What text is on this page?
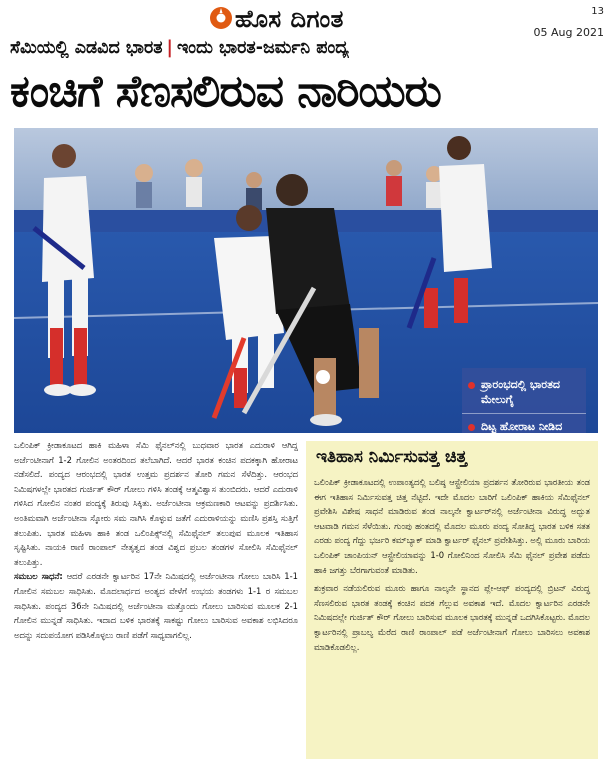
ಹೊಸ ದಿಗಂತ	13
05 Aug 2021
ಸೆಮಿಯಲ್ಲಿ ಎಡವಿದ ಭಾರತ | ಇಂದು ಭಾರತ-ಜರ್ಮನಿ ಪಂದ್ಯ
ಕಂಚಿಗೆ ಸೆಣಸಲಿರುವ ನಾರಿಯರು
ಪ್ರಾರಂಭದಲ್ಲಿ ಭಾರತದ ಮೇಲುಗೈ
ದಿಟ್ಟ ಹೋರಾಟ ನೀಡಿದ

ಒಲಿಂಪಿಕ್ ಕ್ರೀಡಾಕೂಟದ ಹಾಕಿ ಮಹಿಳಾ ಸೆಮಿ ಫೈನಲ್‌ನಲ್ಲಿ ಬುಧವಾರ ಭಾರತ ಎದುರಾಳಿ ಆಗಿದ್ದ ಅರ್ಜೆಂಟೀನಾಗೆ 1-2 ಗೋಲಿನ ಅಂತರದಿಂದ ತಲೆಬಾಗಿದೆ. ಆದರೆ ಭಾರತ ಕಂಚಿನ ಪದಕಕ್ಕಾಗಿ ಹೋರಾಟ ನಡೆಸಲಿದೆ. ಪಂದ್ಯದ ಆರಂಭದಲ್ಲಿ ಭಾರತ ಉತ್ತಮ ಪ್ರದರ್ಶನ ತೋರಿ ಗಮನ ಸೆಳೆದಿತ್ತು. ಆರಂಭದ ನಿಮಿಷಗಳಲ್ಲೇ ಭಾರತದ ಗುರ್ಜಿತ್ ಕೌರ್ ಗೋಲು ಗಳಿಸಿ ತಂಡಕ್ಕೆ ಆತ್ಮವಿಶ್ವಾಸ ತುಂಬಿದರು. ಆದರೆ ಎದುರಾಳಿ ಗಳಿಸಿದ ಗೋಲಿನ ನಂತರ ಪಂದ್ಯಕ್ಕೆ ತಿರುವು ಸಿಕ್ಕಿತು. ಅರ್ಜೆಂಟೀನಾ ಆಕ್ರಮಣಕಾರಿ ಆಟವನ್ನು ಪ್ರದರ್ಶಿಸಿತು. ಅಂತಿಮವಾಗಿ ಅರ್ಜೆಂಟೀನಾ ಸ್ಕೋರು ಸಮ ನಾಗಿಸಿ ಕೊಳ್ಳುವ ಜತೆಗೆ ಎದುರಾಳಿಯನ್ನು ಮಣಿಸಿ ಪ್ರಶಸ್ತಿ ಸುತ್ತಿಗೆ ತಲುಪಿತು. ಭಾರತ ಮಹಿಳಾ ಹಾಕಿ ತಂಡ ಒಲಿಂಪಿಕ್ಸ್‌ನಲ್ಲಿ ಸೆಮಿಫೈನಲ್ ತಲುಪುವ ಮೂಲಕ ಇತಿಹಾಸ ಸೃಷ್ಟಿಸಿತು. ನಾಯಕಿ ರಾಣಿ ರಾಂಪಾಲ್ ನೇತೃತ್ವದ ತಂಡ ವಿಶ್ವದ ಪ್ರಬಲ ತಂಡಗಳ ಸೋಲಿಸಿ ಸೆಮಿಫೈನಲ್ ತಲುಪಿತ್ತು.

ಸಮಬಲ ಸಾಧನೆ: ಆದರೆ ಎರಡನೇ ಕ್ವಾರ್ಟರಿನ 17ನೇ ನಿಮಿಷದಲ್ಲಿ ಅರ್ಜೆಂಟೀನಾ ಗೋಲು ಬಾರಿಸಿ 1-1 ಗೋಲಿನ ಸಮಬಲ ಸಾಧಿಸಿತು. ಮೊದಲಾರ್ಧದ ಅಂತ್ಯದ ವೇಳೆಗೆ ಉಭಯ ತಂಡಗಳು 1-1 ರ ಸಮಬಲ ಸಾಧಿಸಿತು. ಪಂದ್ಯದ 36ನೇ ನಿಮಿಷದಲ್ಲಿ ಅರ್ಜೆಂಟೀನಾ ಮತ್ತೊಂದು ಗೋಲು ಬಾರಿಸುವ ಮೂಲಕ 2-1 ಗೋಲಿನ ಮುನ್ನಡೆ ಸಾಧಿಸಿತು. ಇದಾದ ಬಳಿಕ ಭಾರತಕ್ಕೆ ಸಾಕಷ್ಟು ಗೋಲು ಬಾರಿಸುವ ಅವಕಾಶ ಲಭಿಸಿದರೂ ಅದನ್ನು ಸದುಪಯೋಗ ಪಡಿಸಿಕೊಳ್ಳಲು ರಾಣಿ ಪಡೆಗೆ ಸಾಧ್ಯವಾಗಲಿಲ್ಲ.

ಇತಿಹಾಸ ನಿರ್ಮಿಸುವತ್ತ ಚಿತ್ತ

ಒಲಿಂಪಿಕ್ ಕ್ರೀಡಾಕೂಟದಲ್ಲಿ ಉಪಾಂತ್ಯದಲ್ಲಿ ಬಲಿಷ್ಠ ಆಸ್ಟ್ರೇಲಿಯಾ ಪ್ರದರ್ಶನ ತೋರಿರುವ ಭಾರತೀಯ ತಂಡ ಈಗ ಇತಿಹಾಸ ನಿರ್ಮಿಸುವತ್ತ ಚಿತ್ತ ನೆಟ್ಟಿದೆ. ಇದೇ ಮೊದಲ ಬಾರಿಗೆ ಒಲಿಂಪಿಕ್ ಹಾಕಿಯ ಸೆಮಿಫೈನಲ್ ಪ್ರವೇಶಿಸಿ ವಿಶೇಷ ಸಾಧನೆ ಮಾಡಿರುವ ತಂಡ ನಾಲ್ಕನೇ ಕ್ವಾರ್ಟರ್‌ನಲ್ಲಿ ಅರ್ಜೆಂಟೀನಾ ವಿರುದ್ಧ ಅದ್ಭುತ ಆಟವಾಡಿ ಗಮನ ಸೆಳೆಯಿತು. ಗುಂಪು ಹಂತದಲ್ಲಿ ಮೊದಲ ಮೂರು ಪಂದ್ಯ ಸೋತಿದ್ದ ಭಾರತ ಬಳಿಕ ಸತತ ಎರಡು ಪಂದ್ಯ ಗೆದ್ದು ಭರ್ಜರಿ ಕಮ್‌ಬ್ಯಾಕ್ ಮಾಡಿ ಕ್ವಾರ್ಟರ್ ಫೈನಲ್ ಪ್ರವೇಶಿಸಿತ್ತು. ಅಲ್ಲಿ ಮೂರು ಬಾರಿಯ ಒಲಿಂಪಿಕ್ ಚಾಂಪಿಯನ್ ಆಸ್ಟ್ರೇಲಿಯಾವನ್ನು 1-0 ಗೋಲಿನಿಂದ ಸೋಲಿಸಿ ಸೆಮಿ ಫೈನಲ್ ಪ್ರವೇಶ ಪಡೆದು ಹಾಕಿ ಜಗತ್ತು ಬೆರಗಾಗುವಂತೆ ಮಾಡಿತು.

ಶುಕ್ರವಾರ ನಡೆಯಲಿರುವ ಮೂರು ಹಾಗೂ ನಾಲ್ಕನೇ ಸ್ಥಾನದ ಪ್ಲೇ-ಆಫ್ ಪಂದ್ಯದಲ್ಲಿ ಬ್ರಿಟನ್ ವಿರುದ್ಧ ಸೆಣಸಲಿರುವ ಭಾರತ ತಂಡಕ್ಕೆ ಕಂಚಿನ ಪದಕ ಗೆಲ್ಲುವ ಅವಕಾಶ ಇದೆ. ಮೊದಲ ಕ್ವಾರ್ಟರಿನ ಎರಡನೇ ನಿಮಿಷದಲ್ಲೇ ಗುರ್ಜಿತ್ ಕೌರ್ ಗೋಲು ಬಾರಿಸುವ ಮೂಲಕ ಭಾರತಕ್ಕೆ ಮುನ್ನಡೆ ಒದಗಿಸಿಕೊಟ್ಟರು. ಮೊದಲ ಕ್ವಾರ್ಟರಿನಲ್ಲಿ ಪ್ರಾಬಲ್ಯ ಮೆರೆದ ರಾಣಿ ರಾಂಪಾಲ್ ಪಡೆ ಅರ್ಜೆಂಟೀನಾಗೆ ಗೋಲು ಬಾರಿಸಲು ಅವಕಾಶ ಮಾಡಿಕೊಡಲಿಲ್ಲ.
